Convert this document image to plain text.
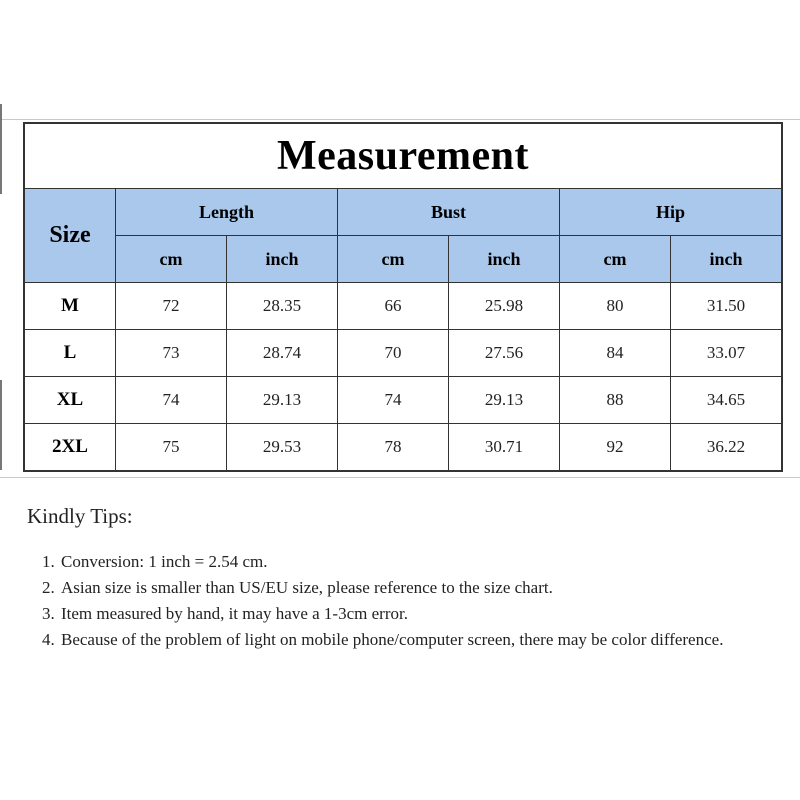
Measurement						
Size	Length		Bust		Hip	
	cm	inch	cm	inch	cm	inch
M	72	28.35	66	25.98	80	31.50
L	73	28.74	70	27.56	84	33.07
XL	74	29.13	74	29.13	88	34.65
2XL	75	29.53	78	30.71	92	36.22
Kindly Tips:
1. Conversion: 1 inch = 2.54 cm.
2. Asian size is smaller than US/EU size, please reference to the size chart.
3. Item measured by hand, it may have a 1-3cm error.
4. Because of the problem of light on mobile phone/computer screen, there may be color difference.
